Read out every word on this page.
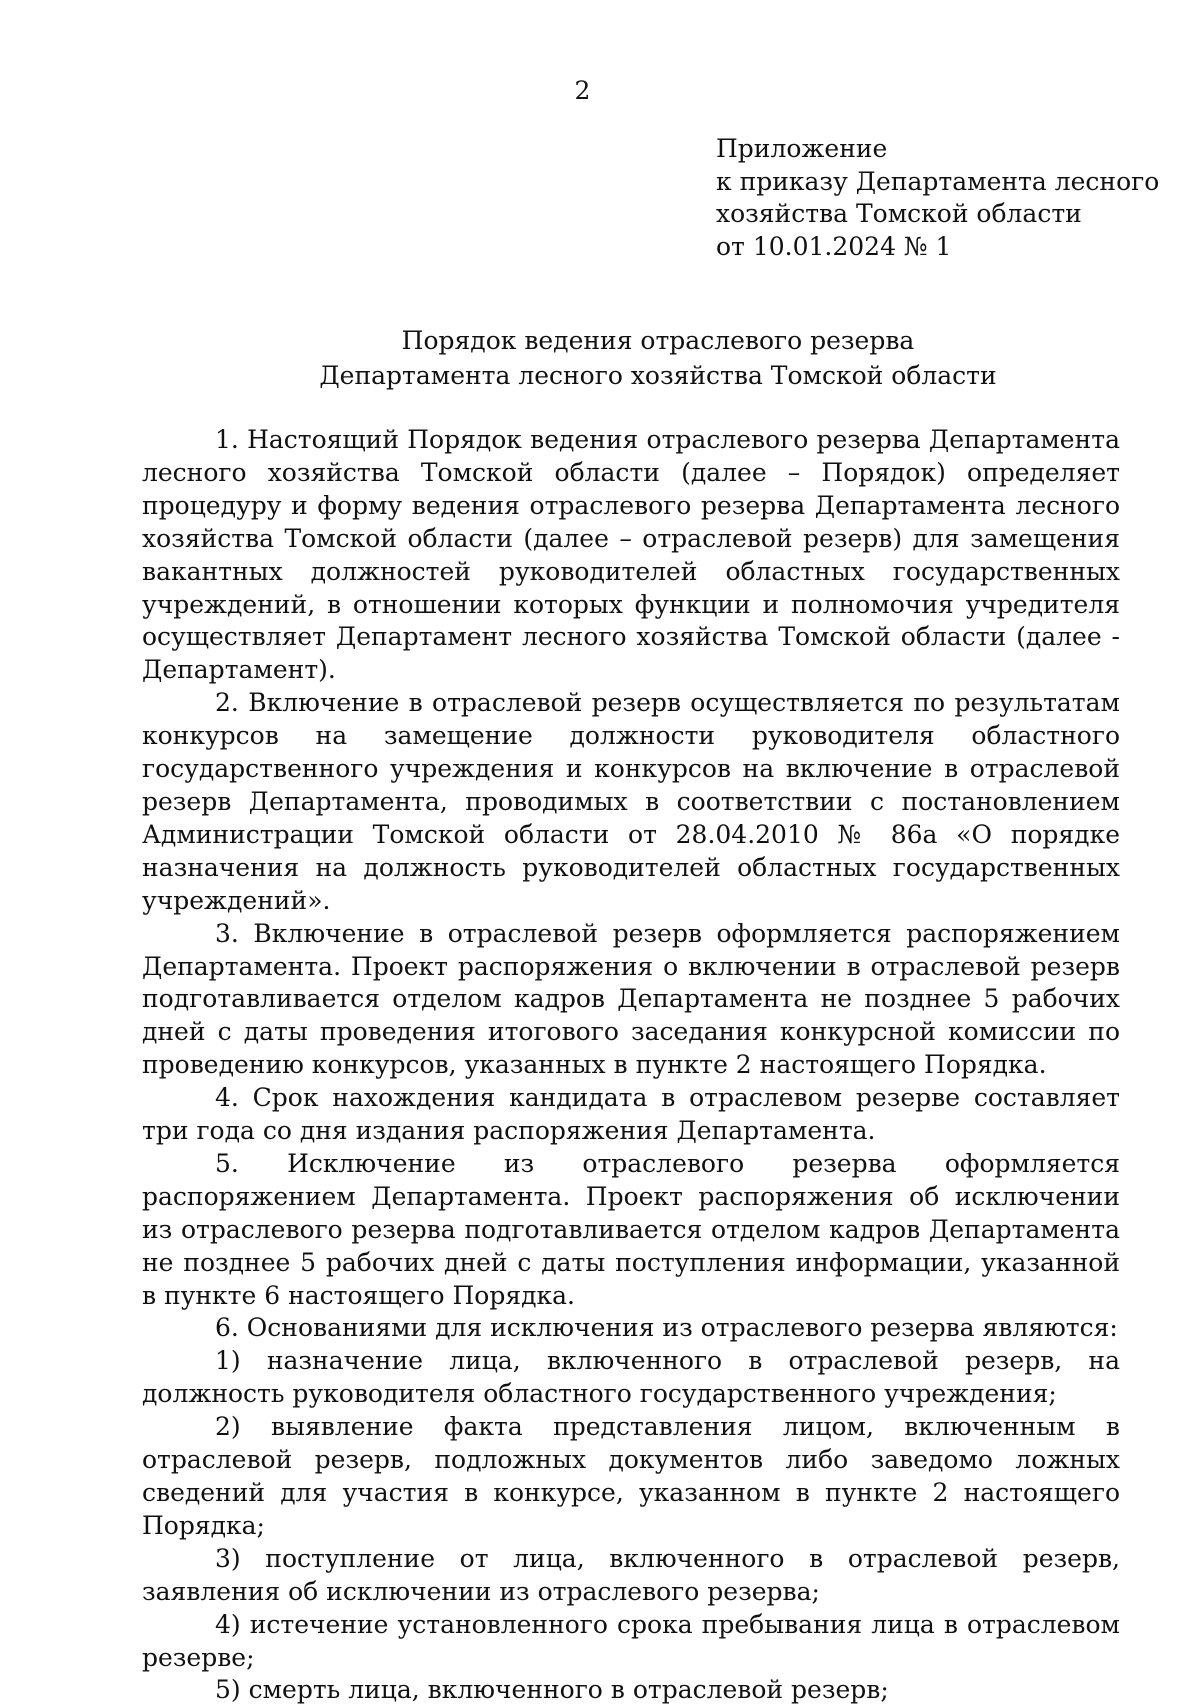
2
Приложение
к приказу Департамента лесного
хозяйства Томской области
от 10.01.2024 № 1
Порядок ведения отраслевого резерва
Департамента лесного хозяйства Томской области

1. Настоящий Порядок ведения отраслевого резерва Департамента лесного хозяйства Томской области (далее – Порядок) определяет процедуру и форму ведения отраслевого резерва Департамента лесного хозяйства Томской области (далее – отраслевой резерв) для замещения вакантных должностей руководителей областных государственных учреждений, в отношении которых функции и полномочия учредителя осуществляет Департамент лесного хозяйства Томской области (далее - Департамент).

2. Включение в отраслевой резерв осуществляется по результатам конкурсов на замещение должности руководителя областного государственного учреждения и конкурсов на включение в отраслевой резерв Департамента, проводимых в соответствии с постановлением Администрации Томской области от 28.04.2010 № 86а «О порядке назначения на должность руководителей областных государственных учреждений».

3. Включение в отраслевой резерв оформляется распоряжением Департамента. Проект распоряжения о включении в отраслевой резерв подготавливается отделом кадров Департамента не позднее 5 рабочих дней с даты проведения итогового заседания конкурсной комиссии по проведению конкурсов, указанных в пункте 2 настоящего Порядка.

4. Срок нахождения кандидата в отраслевом резерве составляет три года со дня издания распоряжения Департамента.

5. Исключение из отраслевого резерва оформляется распоряжением Департамента. Проект распоряжения об исключении из отраслевого резерва подготавливается отделом кадров Департамента не позднее 5 рабочих дней с даты поступления информации, указанной в пункте 6 настоящего Порядка.

6. Основаниями для исключения из отраслевого резерва являются:

1) назначение лица, включенного в отраслевой резерв, на должность руководителя областного государственного учреждения;

2) выявление факта представления лицом, включенным в отраслевой резерв, подложных документов либо заведомо ложных сведений для участия в конкурсе, указанном в пункте 2 настоящего Порядка;

3) поступление от лица, включенного в отраслевой резерв, заявления об исключении из отраслевого резерва;

4) истечение установленного срока пребывания лица в отраслевом резерве;

5) смерть лица, включенного в отраслевой резерв;
